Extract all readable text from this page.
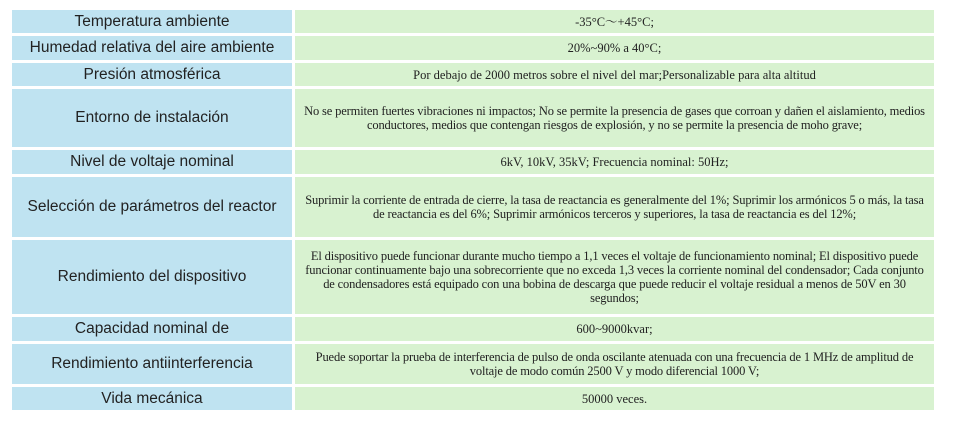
Temperatura ambiente	-35°C～+45°C;
Humedad relativa del aire ambiente	20%~90% a 40°C;
Presión atmosférica	Por debajo de 2000 metros sobre el nivel del mar;Personalizable para alta altitud
Entorno de instalación	No se permiten fuertes vibraciones ni impactos; No se permite la presencia de gases que corroan y dañen el aislamiento, medios conductores, medios que contengan riesgos de explosión, y no se permite la presencia de moho grave;
Nivel de voltaje nominal	6kV, 10kV, 35kV; Frecuencia nominal: 50Hz;
Selección de parámetros del reactor	Suprimir la corriente de entrada de cierre, la tasa de reactancia es generalmente del 1%; Suprimir los armónicos 5 o más, la tasa de reactancia es del 6%; Suprimir armónicos terceros y superiores, la tasa de reactancia es del 12%;
Rendimiento del dispositivo	El dispositivo puede funcionar durante mucho tiempo a 1,1 veces el voltaje de funcionamiento nominal; El dispositivo puede funcionar continuamente bajo una sobrecorriente que no exceda 1,3 veces la corriente nominal del condensador; Cada conjunto de condensadores está equipado con una bobina de descarga que puede reducir el voltaje residual a menos de 50V en 30 segundos;
Capacidad nominal de	600~9000kvar;
Rendimiento antiinterferencia	Puede soportar la prueba de interferencia de pulso de onda oscilante atenuada con una frecuencia de 1 MHz de amplitud de voltaje de modo común 2500 V y modo diferencial 1000 V;
Vida mecánica	50000 veces.
